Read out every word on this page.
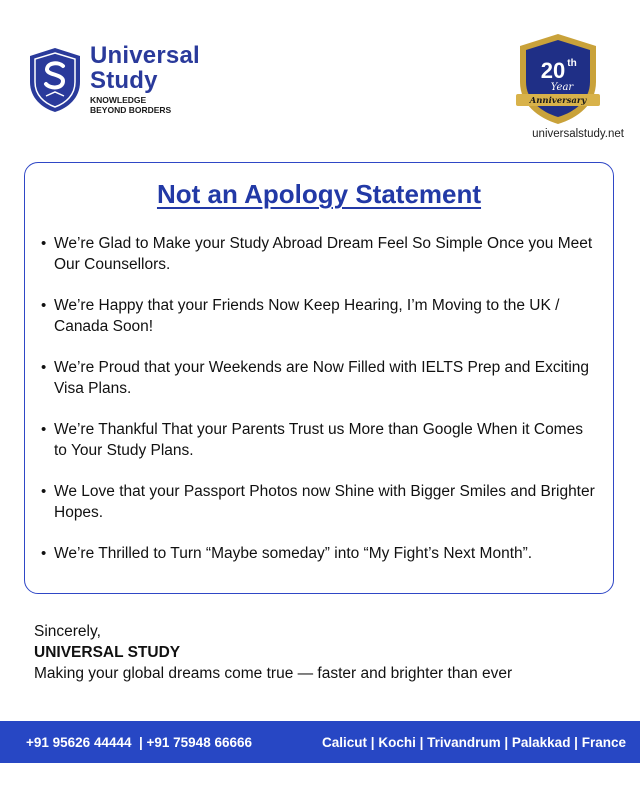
Universal
Study
KNOWLEDGE
BEYOND BORDERS
20 th
Year
Anniversary
universalstudy.net
Not an Apology Statement
• We’re Glad to Make your Study Abroad Dream Feel So Simple Once you Meet Our Counsellors.
• We’re Happy that your Friends Now Keep Hearing, I’m Moving to the UK / Canada Soon!
• We’re Proud that your Weekends are Now Filled with IELTS Prep and Exciting Visa Plans.
• We’re Thankful That your Parents Trust us More than Google When it Comes to Your Study Plans.
• We Love that your Passport Photos now Shine with Bigger Smiles and Brighter Hopes.
• We’re Thrilled to Turn “Maybe someday” into “My Fight’s Next Month”.
Sincerely,
UNIVERSAL STUDY
Making your global dreams come true — faster and brighter than ever
+91 95626 44444  | +91 75948 66666	Calicut | Kochi | Trivandrum | Palakkad | France
